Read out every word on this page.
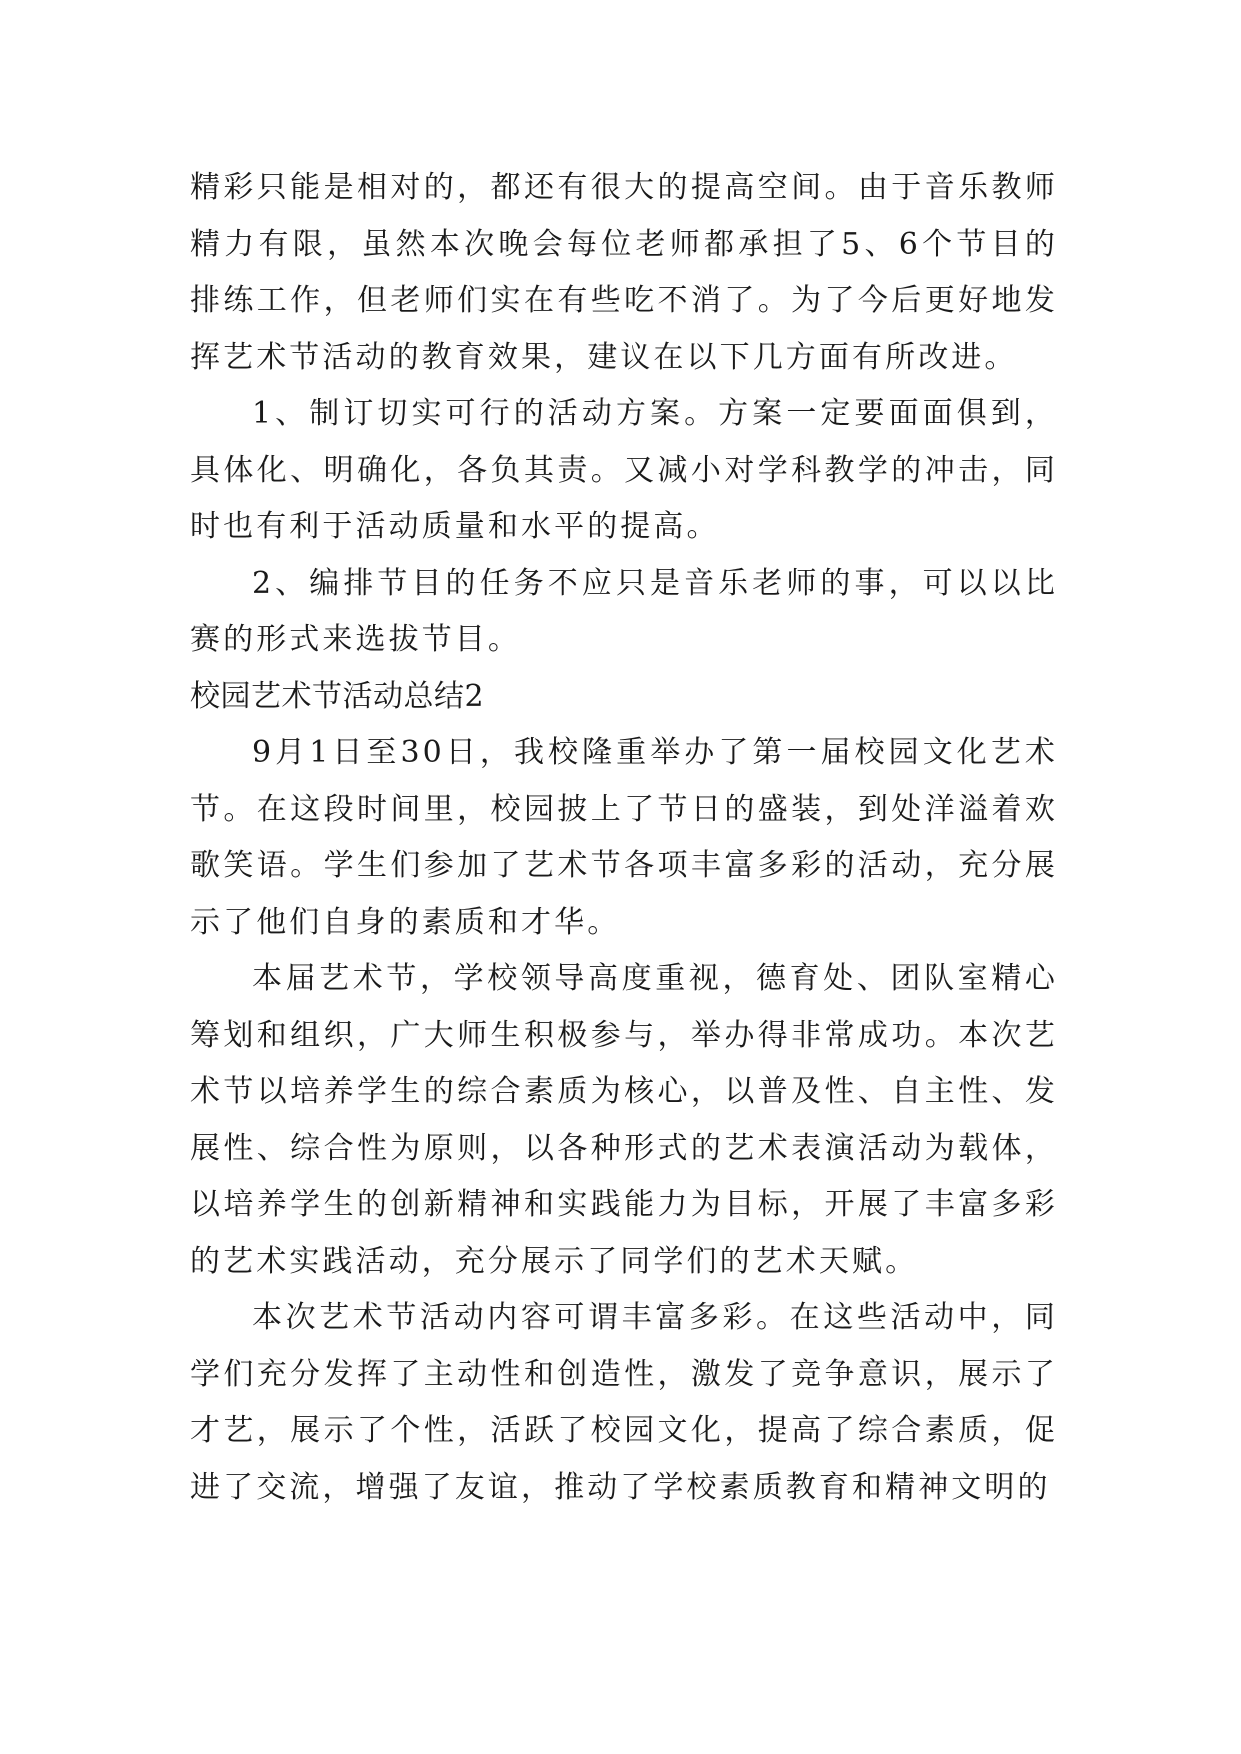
精彩只能是相对的，都还有很大的提高空间。由于音乐教师精力有限，虽然本次晚会每位老师都承担了5、6个节目的排练工作，但老师们实在有些吃不消了。为了今后更好地发挥艺术节活动的教育效果，建议在以下几方面有所改进。

1、制订切实可行的活动方案。方案一定要面面俱到，具体化、明确化，各负其责。又减小对学科教学的冲击，同时也有利于活动质量和水平的提高。

2、编排节目的任务不应只是音乐老师的事，可以以比赛的形式来选拔节目。

校园艺术节活动总结2

9月1日至30日，我校隆重举办了第一届校园文化艺术节。在这段时间里，校园披上了节日的盛装，到处洋溢着欢歌笑语。学生们参加了艺术节各项丰富多彩的活动，充分展示了他们自身的素质和才华。

本届艺术节，学校领导高度重视，德育处、团队室精心筹划和组织，广大师生积极参与，举办得非常成功。本次艺术节以培养学生的综合素质为核心，以普及性、自主性、发展性、综合性为原则，以各种形式的艺术表演活动为载体，以培养学生的创新精神和实践能力为目标，开展了丰富多彩的艺术实践活动，充分展示了同学们的艺术天赋。

本次艺术节活动内容可谓丰富多彩。在这些活动中，同学们充分发挥了主动性和创造性，激发了竞争意识，展示了才艺，展示了个性，活跃了校园文化，提高了综合素质，促进了交流，增强了友谊，推动了学校素质教育和精神文明的
